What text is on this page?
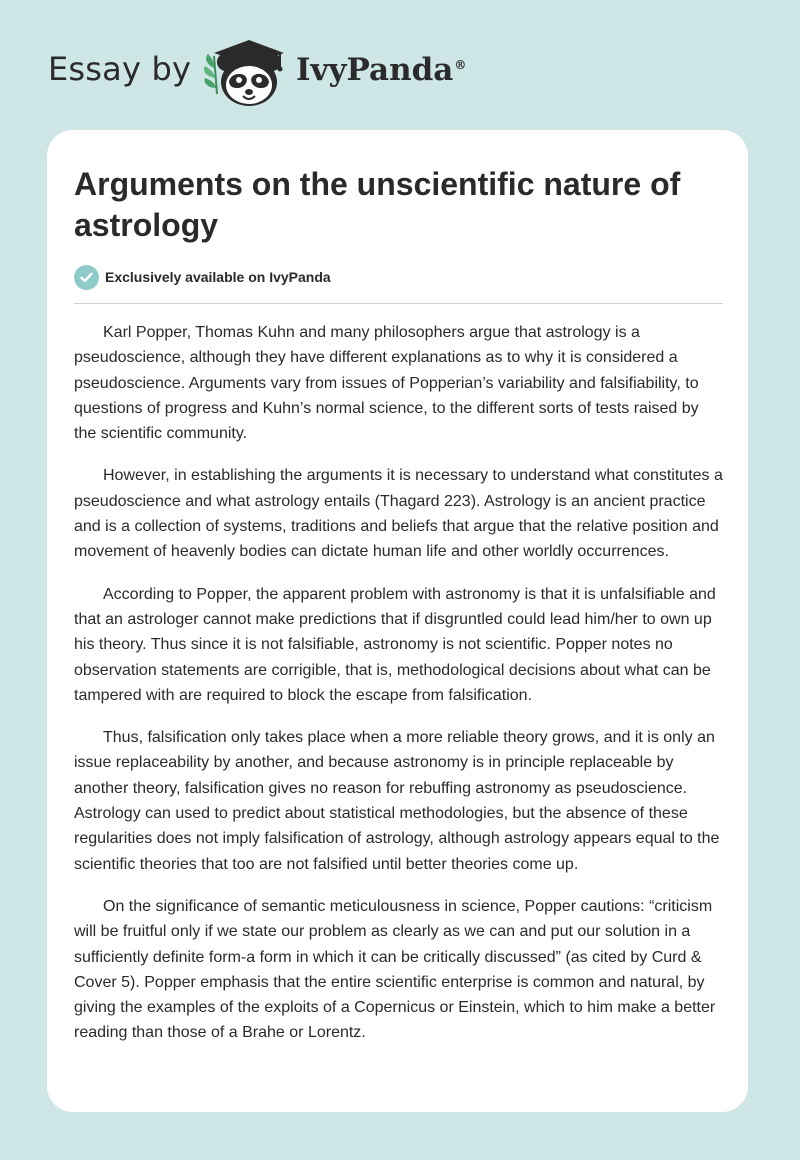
Essay by	IvyPanda®
Arguments on the unscientific nature of astrology
Exclusively available on IvyPanda

Karl Popper, Thomas Kuhn and many philosophers argue that astrology is a pseudoscience, although they have different explanations as to why it is considered a pseudoscience. Arguments vary from issues of Popperian’s variability and falsifiability, to questions of progress and Kuhn’s normal science, to the different sorts of tests raised by the scientific community.

However, in establishing the arguments it is necessary to understand what constitutes a pseudoscience and what astrology entails (Thagard 223). Astrology is an ancient practice and is a collection of systems, traditions and beliefs that argue that the relative position and movement of heavenly bodies can dictate human life and other worldly occurrences.

According to Popper, the apparent problem with astronomy is that it is unfalsifiable and that an astrologer cannot make predictions that if disgruntled could lead him/her to own up his theory. Thus since it is not falsifiable, astronomy is not scientific. Popper notes no observation statements are corrigible, that is, methodological decisions about what can be tampered with are required to block the escape from falsification.

Thus, falsification only takes place when a more reliable theory grows, and it is only an issue replaceability by another, and because astronomy is in principle replaceable by another theory, falsification gives no reason for rebuffing astronomy as pseudoscience. Astrology can used to predict about statistical methodologies, but the absence of these regularities does not imply falsification of astrology, although astrology appears equal to the scientific theories that too are not falsified until better theories come up.

On the significance of semantic meticulousness in science, Popper cautions: “criticism will be fruitful only if we state our problem as clearly as we can and put our solution in a sufficiently definite form-a form in which it can be critically discussed” (as cited by Curd & Cover 5). Popper emphasis that the entire scientific enterprise is common and natural, by giving the examples of the exploits of a Copernicus or Einstein, which to him make a better reading than those of a Brahe or Lorentz.
